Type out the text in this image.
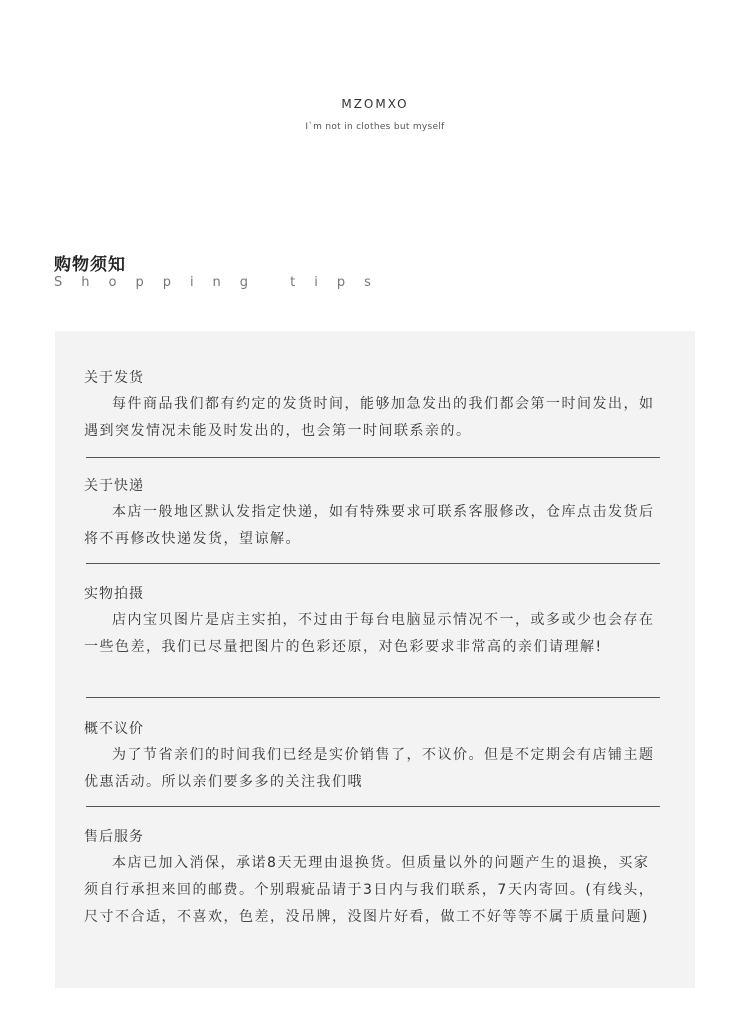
MZOMXO
I`m not in clothes but myself
购物须知
Shopping tips
关于发货
每件商品我们都有约定的发货时间，能够加急发出的我们都会第一时间发出，如遇到突发情况未能及时发出的，也会第一时间联系亲的。
关于快递
本店一般地区默认发指定快递，如有特殊要求可联系客服修改，仓库点击发货后将不再修改快递发货，望谅解。
实物拍摄
店内宝贝图片是店主实拍，不过由于每台电脑显示情况不一，或多或少也会存在一些色差，我们已尽量把图片的色彩还原，对色彩要求非常高的亲们请理解!
概不议价
为了节省亲们的时间我们已经是实价销售了，不议价。但是不定期会有店铺主题优惠活动。所以亲们要多多的关注我们哦
售后服务
本店已加入消保，承诺8天无理由退换货。但质量以外的问题产生的退换，买家须自行承担来回的邮费。个别瑕疵品请于3日内与我们联系，7天内寄回。(有线头，尺寸不合适，不喜欢，色差，没吊牌，没图片好看，做工不好等等不属于质量问题)
